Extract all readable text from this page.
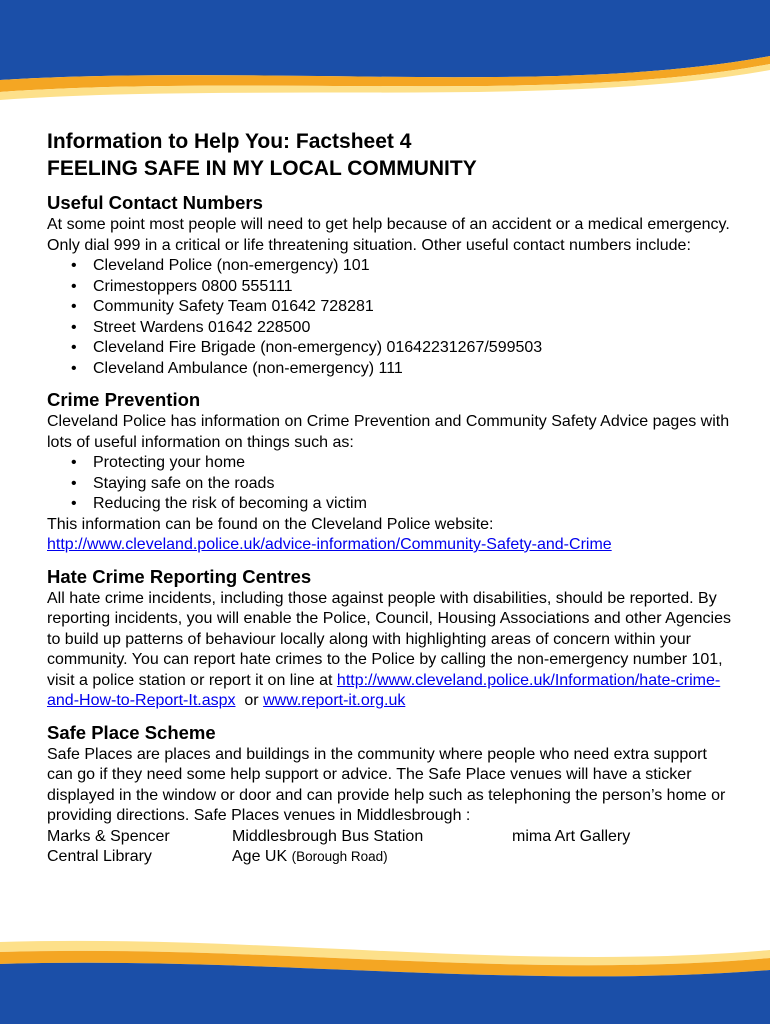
Information to Help You: Factsheet 4
FEELING SAFE IN MY LOCAL COMMUNITY
Useful Contact Numbers

At some point most people will need to get help because of an accident or a medical emergency. Only dial 999 in a critical or life threatening situation. Other useful contact numbers include:

• Cleveland Police (non-emergency) 101
• Crimestoppers 0800 555111
• Community Safety Team 01642 728281
• Street Wardens 01642 228500
• Cleveland Fire Brigade (non-emergency) 01642231267/599503
• Cleveland Ambulance (non-emergency) 111
Crime Prevention

Cleveland Police has information on Crime Prevention and Community Safety Advice pages with lots of useful information on things such as:

• Protecting your home
• Staying safe on the roads
• Reducing the risk of becoming a victim

This information can be found on the Cleveland Police website:

http://www.cleveland.police.uk/advice-information/Community-Safety-and-Crime

Hate Crime Reporting Centres

All hate crime incidents, including those against people with disabilities, should be reported. By reporting incidents, you will enable the Police, Council, Housing Associations and other Agencies to build up patterns of behaviour locally along with highlighting areas of concern within your community. You can report hate crimes to the Police by calling the non-emergency number 101, visit a police station or report it on line at http://www.cleveland.police.uk/Information/hate-crime-and-How-to-Report-It.aspx  or www.report-it.org.uk

Safe Place Scheme

Safe Places are places and buildings in the community where people who need extra support can go if they need some help support or advice. The Safe Place venues will have a sticker displayed in the window or door and can provide help such as telephoning the person’s home or providing directions. Safe Places venues in Middlesbrough :

Marks & Spencer	Middlesbrough Bus Station	mima Art Gallery
Central Library	Age UK (Borough Road)
